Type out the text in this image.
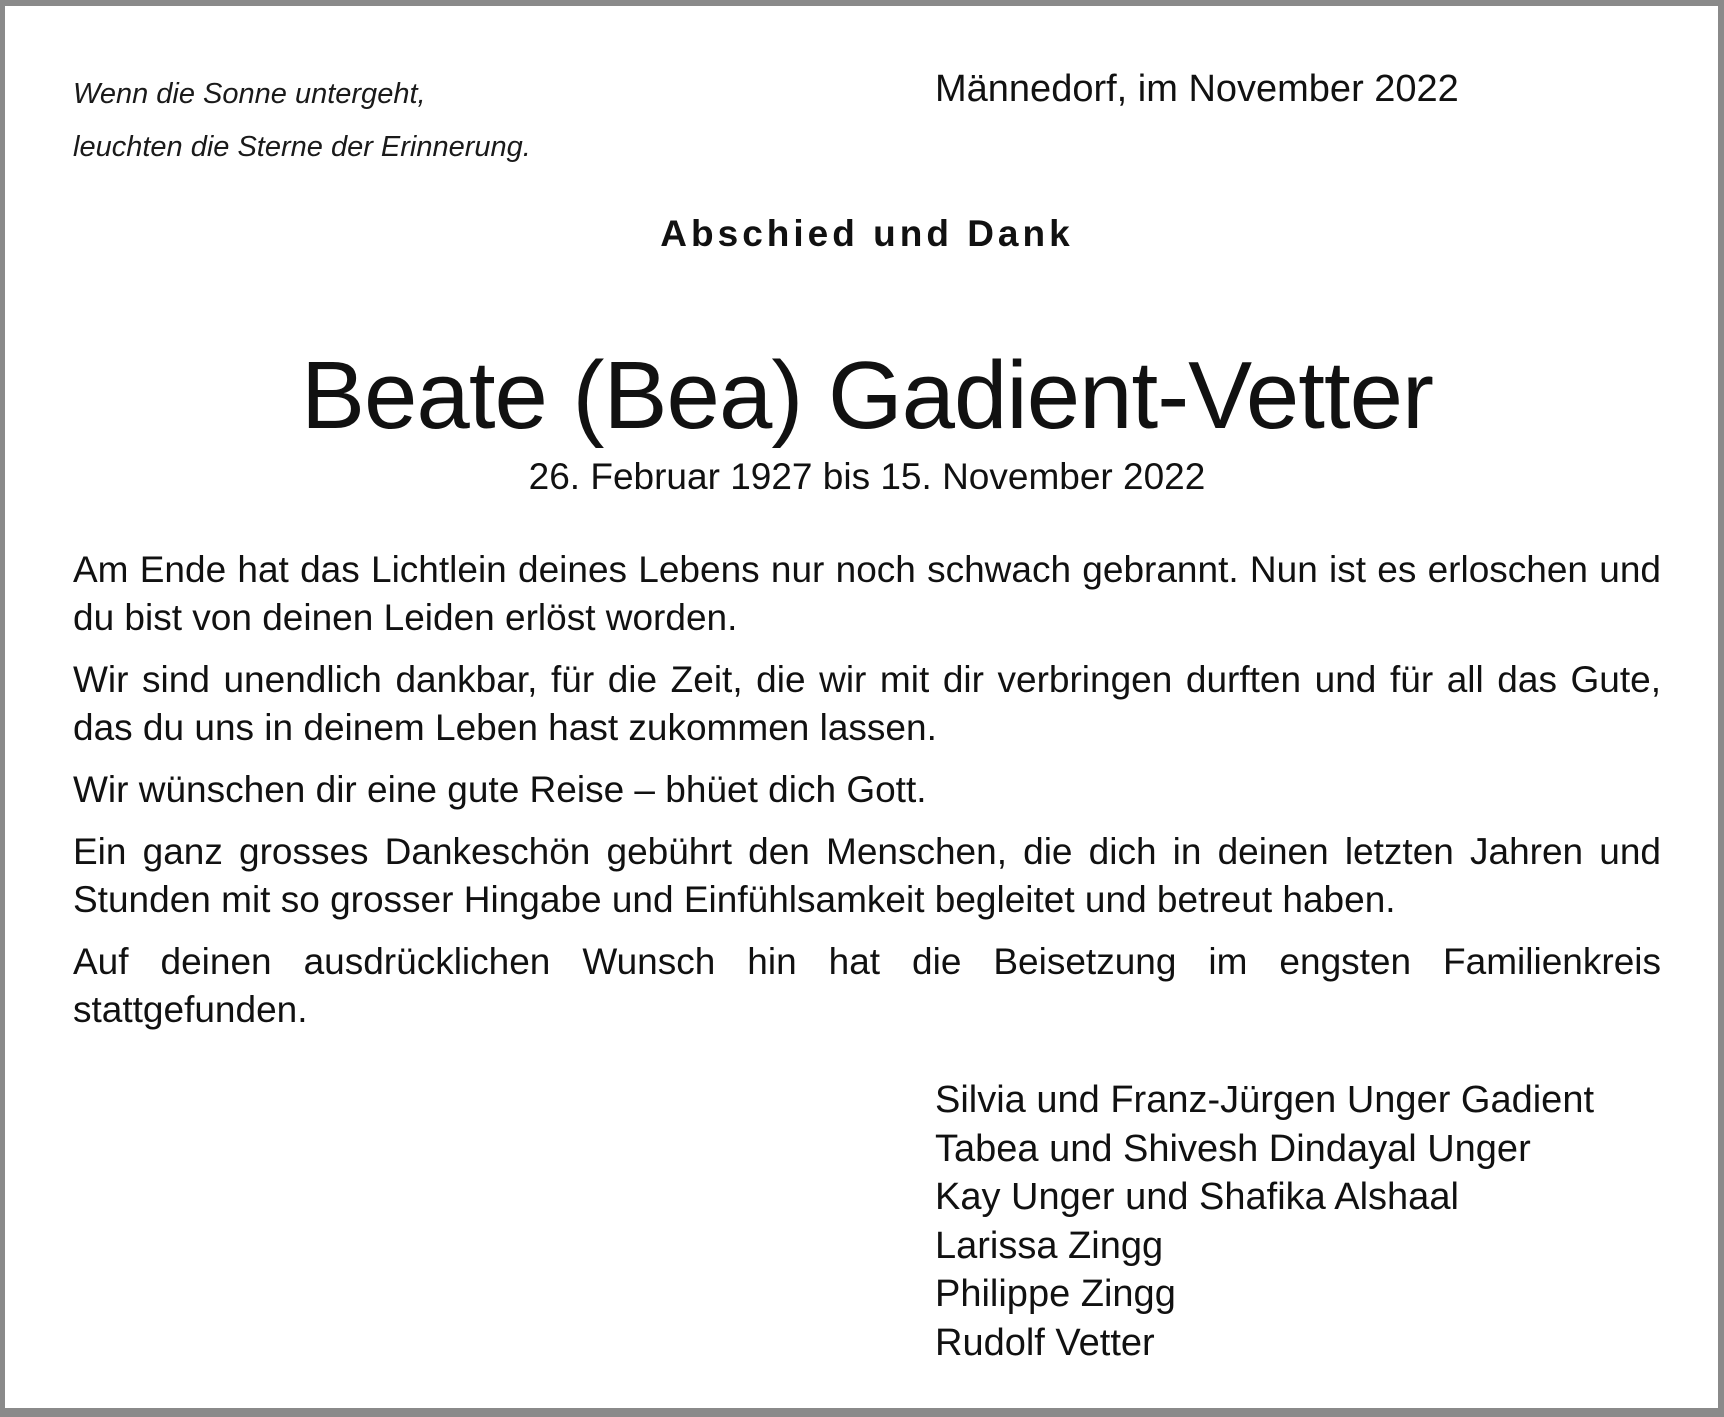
Wenn die Sonne untergeht,
leuchten die Sterne der Erinnerung.
Männedorf, im November 2022
Abschied und Dank
Beate (Bea) Gadient-Vetter
26. Februar 1927 bis 15. November 2022

Am Ende hat das Lichtlein deines Lebens nur noch schwach gebrannt. Nun ist es erloschen und du bist von deinen Leiden erlöst worden.

Wir sind unendlich dankbar, für die Zeit, die wir mit dir verbringen durften und für all das Gute, das du uns in deinem Leben hast zukommen lassen.

Wir wünschen dir eine gute Reise – bhüet dich Gott.

Ein ganz grosses Dankeschön gebührt den Menschen, die dich in deinen letzten Jahren und Stunden mit so grosser Hingabe und Einfühlsamkeit begleitet und betreut haben.

Auf deinen ausdrücklichen Wunsch hin hat die Beisetzung im engsten Familienkreis stattgefunden.

Silvia und Franz-Jürgen Unger Gadient
Tabea und Shivesh Dindayal Unger
Kay Unger und Shafika Alshaal
Larissa Zingg
Philippe Zingg
Rudolf Vetter
